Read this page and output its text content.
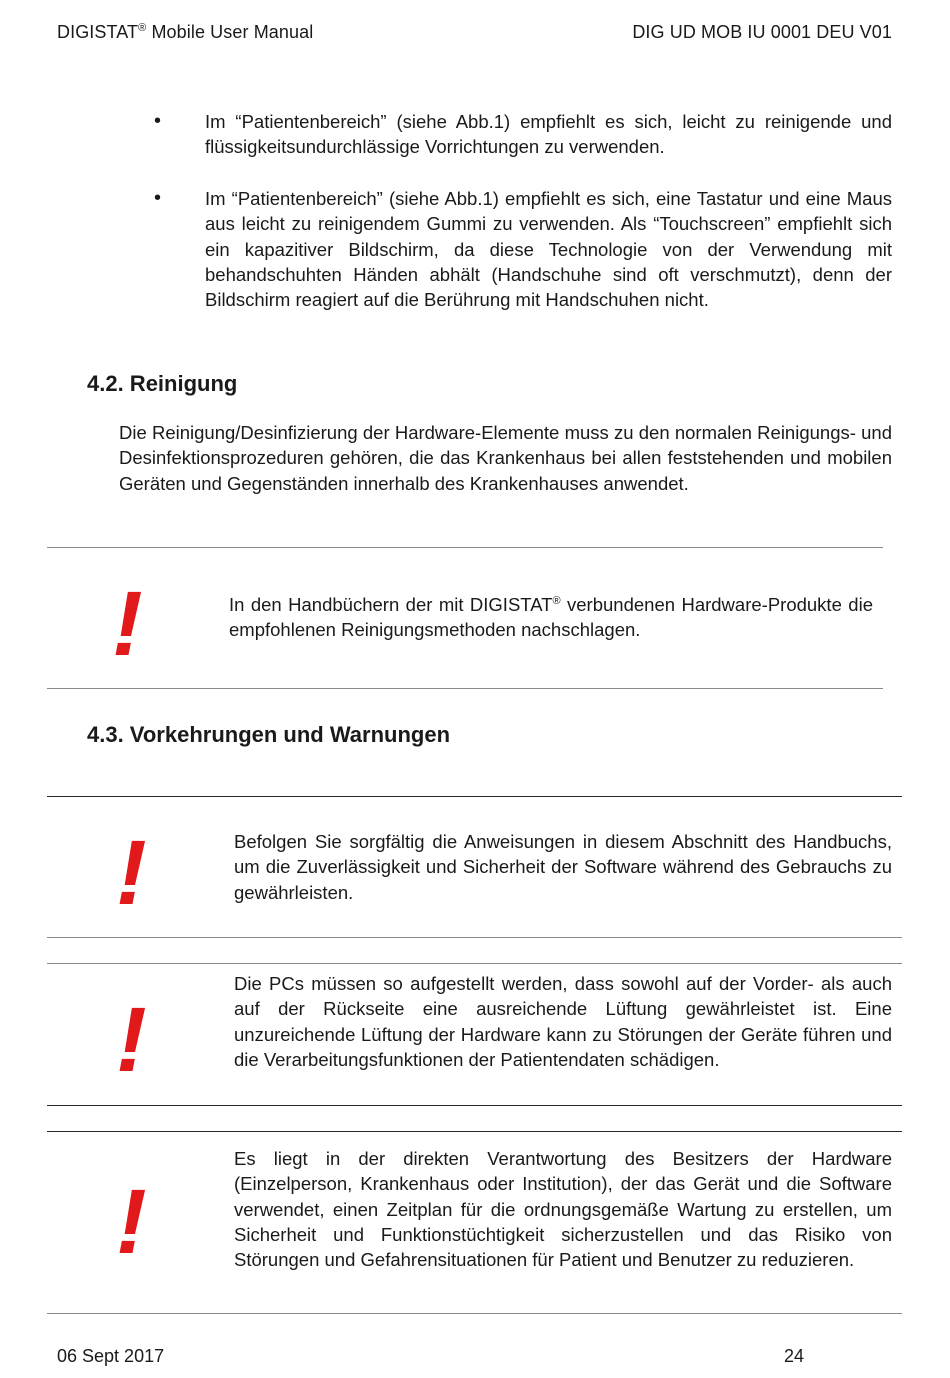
DIGISTAT® Mobile User Manual	DIG UD MOB IU 0001 DEU V01
• Im “Patientenbereich” (siehe Abb.1) empfiehlt es sich, leicht zu reinigende und flüssigkeitsundurchlässige Vorrichtungen zu verwenden.
• Im “Patientenbereich” (siehe Abb.1) empfiehlt es sich, eine Tastatur und eine Maus aus leicht zu reinigendem Gummi zu verwenden. Als “Touchscreen” empfiehlt sich ein kapazitiver Bildschirm, da diese Technologie von der Verwendung mit behandschuhten Händen abhält (Handschuhe sind oft verschmutzt), denn der Bildschirm reagiert auf die Berührung mit Handschuhen nicht.
4.2. Reinigung
Die Reinigung/Desinfizierung der Hardware-Elemente muss zu den normalen Reinigungs- und Desinfektionsprozeduren gehören, die das Krankenhaus bei allen feststehenden und mobilen Geräten und Gegenständen innerhalb des Krankenhauses anwendet.
!	In den Handbüchern der mit DIGISTAT® verbundenen Hardware-Produkte die empfohlenen Reinigungsmethoden nachschlagen.
4.3. Vorkehrungen und Warnungen
!	Befolgen Sie sorgfältig die Anweisungen in diesem Abschnitt des Handbuchs, um die Zuverlässigkeit und Sicherheit der Software während des Gebrauchs zu gewährleisten.
!
Die PCs müssen so aufgestellt werden, dass sowohl auf der Vorder- als auch auf der Rückseite eine ausreichende Lüftung gewährleistet ist. Eine unzureichende Lüftung der Hardware kann zu Störungen der Geräte führen und die Verarbeitungsfunktionen der Patientendaten schädigen.
!
Es liegt in der direkten Verantwortung des Besitzers der Hardware (Einzelperson, Krankenhaus oder Institution), der das Gerät und die Software verwendet, einen Zeitplan für die ordnungsgemäße Wartung zu erstellen, um Sicherheit und Funktionstüchtigkeit sicherzustellen und das Risiko von Störungen und Gefahrensituationen für Patient und Benutzer zu reduzieren.
06 Sept 2017	24
